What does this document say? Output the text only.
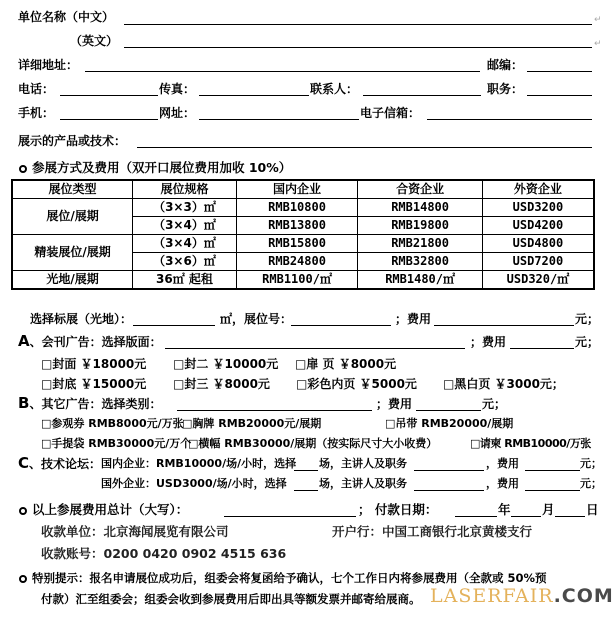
单位名称（中文）
（英文）
详细地址：	邮编：
电话：	传真：	联系人：	职务：
手机：	网址：	电子信箱：
展示的产品或技术：
↵
↵
参展方式及费用（双开口展位费用加收 10%）
展位类型	展位规格	国内企业	合资企业	外资企业
展位/展期	（3×3）㎡	RMB10800	RMB14800	USD3200
（3×4）㎡	RMB13800	RMB19800	USD4200
精装展位/展期	（3×4）㎡	RMB15800	RMB21800	USD4800
（3×6）㎡	RMB24800	RMB32800	USD7200
光地/展期	36㎡ 起租	RMB1100/㎡	RMB1480/㎡	USD320/㎡
选择标展（光地）：	㎡，展位号：	；费用	元；
A、会刊广告：选择版面：	；费用	元；
□封面 ￥18000元 □封二 ￥10000元 □扉 页 ￥8000元
□封底 ￥15000元 □封三 ￥8000元 □彩色内页 ￥5000元 □黑白页 ￥3000元；
B、其它广告：选择类别：	；费用	元；
□参观券 RMB8000元/万张
□胸牌 RMB20000元/展期	□吊带 RMB20000/展期
□手提袋 RMB30000元/万个
□横幅 RMB30000/展期（按实际尺寸大小收费）	□请柬 RMB10000/万张
C、技术论坛： 国内企业：RMB10000/场/小时，选择 场，主讲人及职务	，费用	元；
国外企业：USD3000/场/小时，选择	场，主讲人及职务	，费用	元；
以上参展费用总计（大写）：	； 付款日期：	年	月	日
收款单位：北京海闻展览有限公司	开户行：中国工商银行北京黄楼支行
收款账号：0200 0420 0902 4515 636
特别提示：报名申请展位成功后，组委会将复函给予确认，七个工作日内将参展费用（全款或 50%预
付款）汇至组委会；组委会收到参展费用后即出具等额发票并邮寄给展商。 LASERFAIR.COM
